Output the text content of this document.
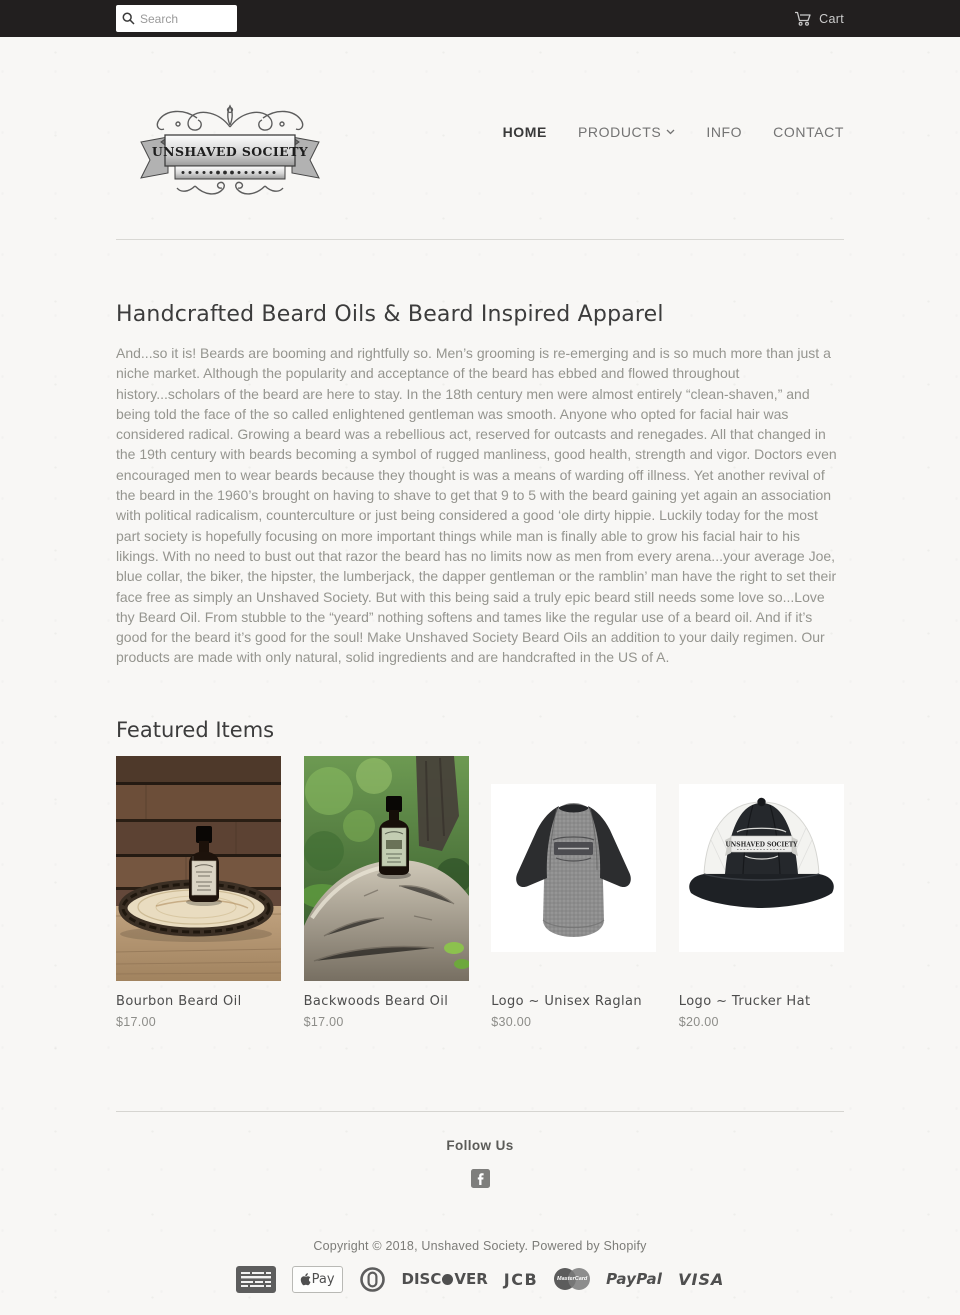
Search
Cart
UNSHAVED SOCIETY
HOME PRODUCTS	INFO CONTACT
Handcrafted Beard Oils & Beard Inspired Apparel

And...so it is! Beards are booming and rightfully so. Men’s grooming is re-emerging and is so much more than just a niche market. Although the popularity and acceptance of the beard has ebbed and flowed throughout history...scholars of the beard are here to stay. In the 18th century men were almost entirely “clean-shaven,” and being told the face of the so called enlightened gentleman was smooth. Anyone who opted for facial hair was considered radical. Growing a beard was a rebellious act, reserved for outcasts and renegades. All that changed in the 19th century with beards becoming a symbol of rugged manliness, good health, strength and vigor. Doctors even encouraged men to wear beards because they thought is was a means of warding off illness. Yet another revival of the beard in the 1960’s brought on having to shave to get that 9 to 5 with the beard gaining yet again an association with political radicalism, counterculture or just being considered a good ‘ole dirty hippie. Luckily today for the most part society is hopefully focusing on more important things while man is finally able to grow his facial hair to his likings. With no need to bust out that razor the beard has no limits now as men from every arena...your average Joe, blue collar, the biker, the hipster, the lumberjack, the dapper gentleman or the ramblin’ man have the right to set their face free as simply an Unshaved Society. But with this being said a truly epic beard still needs some love so...Love thy Beard Oil. From stubble to the “yeard” nothing softens and tames like the regular use of a beard oil. And if it’s good for the beard it’s good for the soul! Make Unshaved Society Beard Oils an addition to your daily regimen. Our products are made with only natural, solid ingredients and are handcrafted in the US of A.

Featured Items
Bourbon Beard Oil
$17.00
Backwoods Beard Oil
$17.00
Logo ~ Unisex Raglan
$30.00
UNSHAVED SOCIETY
Logo ~ Trucker Hat
$20.00
Follow Us
Copyright © 2018, Unshaved Society. Powered by Shopify
Pay	DISC VER JCB	MasterCard PayPal VISA
